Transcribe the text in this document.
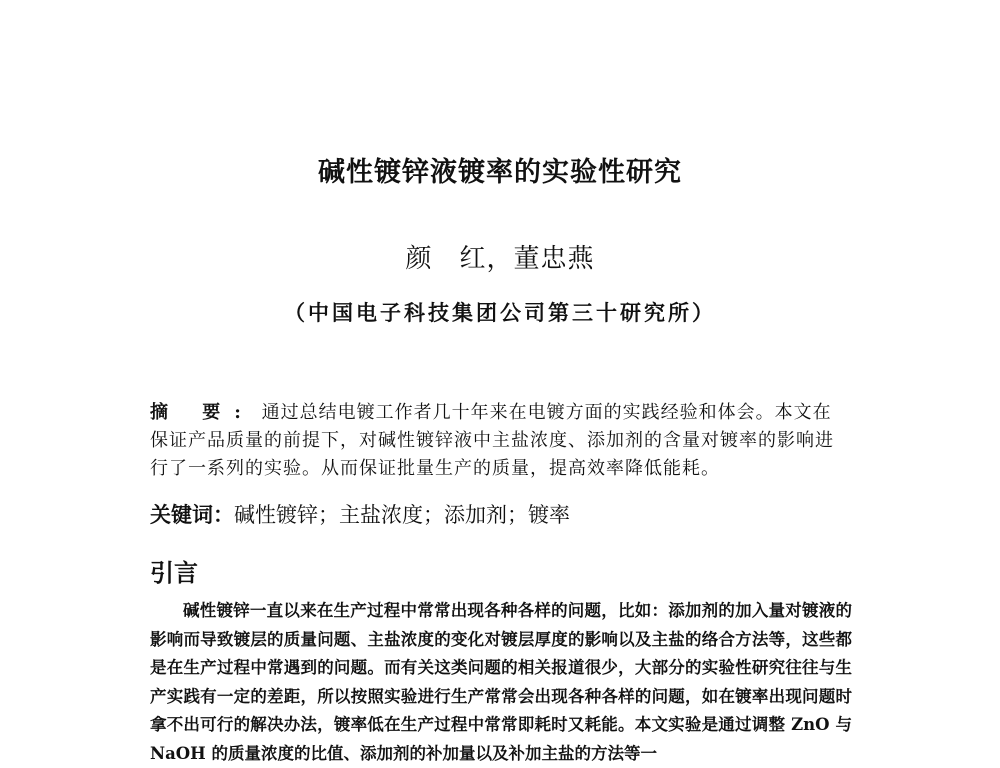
碱性镀锌液镀率的实验性研究
颜　红，董忠燕
（中国电子科技集团公司第三十研究所）
摘 要: 通过总结电镀工作者几十年来在电镀方面的实践经验和体会。本文在保证产品质量的前提下，对碱性镀锌液中主盐浓度、添加剂的含量对镀率的影响进行了一系列的实验。从而保证批量生产的质量，提高效率降低能耗。
关键词：碱性镀锌；主盐浓度；添加剂；镀率
引言
碱性镀锌一直以来在生产过程中常常出现各种各样的问题，比如：添加剂的加入量对镀液的影响而导致镀层的质量问题、主盐浓度的变化对镀层厚度的影响以及主盐的络合方法等，这些都是在生产过程中常遇到的问题。而有关这类问题的相关报道很少，大部分的实验性研究往往与生产实践有一定的差距，所以按照实验进行生产常常会出现各种各样的问题，如在镀率出现问题时拿不出可行的解决办法，镀率低在生产过程中常常即耗时又耗能。本文实验是通过调整 ZnO 与 NaOH 的质量浓度的比值、添加剂的补加量以及补加主盐的方法等一
